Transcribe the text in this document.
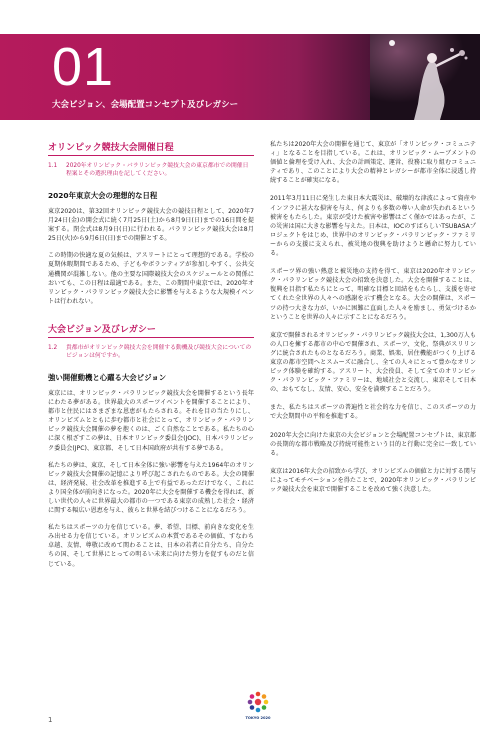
01
大会ビジョン、会場配置コンセプト及びレガシー
オリンピック競技大会開催日程
1.1	2020年オリンピック・パラリンピック競技大会の東京都市での開催日程案とその選択理由を記してください。
2020年東京大会の理想的な日程

東京2020は、第32回オリンピック競技大会の競技日程として、2020年7月24日(金)の開会式に続く7月25日(土)から8月9日(日)までの16日間を提案する。閉会式は8月9日(日)に行われる。パラリンピック競技大会は8月25日(火)から9月6日(日)までの開催とする。

この時期の快適な夏の気候は、アスリートにとって理想的である。学校の夏期休暇期間であるため、子どもやボランティアが参加しやすく、公共交通機関が混雑しない。他の主要な国際競技大会のスケジュールとの関係においても、この日程は最適である。また、この期間中東京では、2020年オリンピック・パラリンピック競技大会に影響を与えるような大規模イベントは行われない。

大会ビジョン及びレガシー
1.2	貴都市がオリンピック競技大会を開催する動機及び競技大会についてのビジョンは何ですか。
強い開催動機と心躍る大会ビジョン

東京には、オリンピック・パラリンピック競技大会を開催するという長年にわたる夢がある。世界最大のスポーツイベントを開催することにより、都市と住民にはさまざまな恩恵がもたらされる。それを目の当たりにし、オリンピズムとともに歩む都市と社会にとって、オリンピック・パラリンピック競技大会開催の夢を抱くのは、ごく自然なことである。私たちの心に深く根ざすこの夢は、日本オリンピック委員会(JOC)、日本パラリンピック委員会(JPC)、東京都、そして日本国政府が共有する夢である。

私たちの夢は、東京、そして日本全体に強い影響を与えた1964年のオリンピック競技大会開催の記憶により呼び起こされたものである。大会の開催は、経済発展、社会改革を推進する上で有益であっただけでなく、これにより国全体が前向きになった。2020年に大会を開催する機会を得れば、新しい世代の人々に世界最大の都市の一つである東京の成熟した社会・経済に関する幅広い恩恵を与え、彼らと世界を結びつけることになるだろう。

私たちはスポーツの力を信じている。夢、希望、目標、前向きな変化を生み出せる力を信じている。オリンピズムの本質であるその価値、すなわち卓越、友情、尊敬に改めて関わることは、日本の若者に自分たち、自分たちの国、そして世界にとっての明るい未来に向けた努力を促すものだと信じている。

私たちは2020年大会の開催を通じて、東京が「オリンピック・コミュニティ」となることを目指している。これは、オリンピック・ムーブメントの価値と倫理を受け入れ、大会の計画策定、運営、役務に取り組むコミュニティであり、このことにより大会の精神とレガシーが都市全体に浸透し持続することが確実になる。

2011年3月11日に発生した東日本大震災は、破壊的な津波によって資産やインフラに甚大な損害を与え、何よりも多数の尊い人命が失われるという被害をもたらした。東京が受けた被害や影響はごく僅かではあったが、この災害は国に大きな影響を与えた。日本は、IOCのすばらしいTSUBASAプロジェクトをはじめ、世界中のオリンピック・パラリンピック・ファミリーからの支援に支えられ、被災地の復興を助けようと懸命に努力している。

スポーツ界の強い熱意と被災地の支持を得て、東京は2020年オリンピック・パラリンピック競技大会の招致を決意した。大会を開催することは、復興を目指す私たちにとって、明確な目標と回結をもたらし、支援を寄せてくれた全世界の人々への感謝を示す機会となる。大会の開催は、スポーツの持つ大きな力が、いかに困難に直面した人々を励まし、勇気づけるかということを世界の人々に示すことになるだろう。

東京で開催されるオリンピック・パラリンピック競技大会は、1,300万人もの人口を擁する都市の中心で開催され、スポーツ、文化、祭典がスリリングに統合されたものとなるだろう。商業、娯楽、居住機能がつくり上げる東京の都市空間へとスムーズに融合し、全ての人々にとって豊かなオリンピック体験を確約する。アスリート、大会役員、そして全てのオリンピック・パラリンピック・ファミリーは、地域社会と交流し、東京そして日本の、おもてなし、友情、安心、安全を満喫することだろう。

また、私たちはスポーツの普遍性と社会的な力を信じ、このスポーツの力で大会期間中の平和を推進する。

2020年大会に向けた東京の大会ビジョンと会場配置コンセプトは、東京都の長期的な都市戦略及び持続可能性という目的と行動に完全に一致している。

東京は2016年大会の招致から学び、オリンピズムの価値と力に対する関与によってモチベーションを得たことで、2020年オリンピック・パラリンピック競技大会を東京で開催することを改めて強く決意した。

1	TOKYO 2020
